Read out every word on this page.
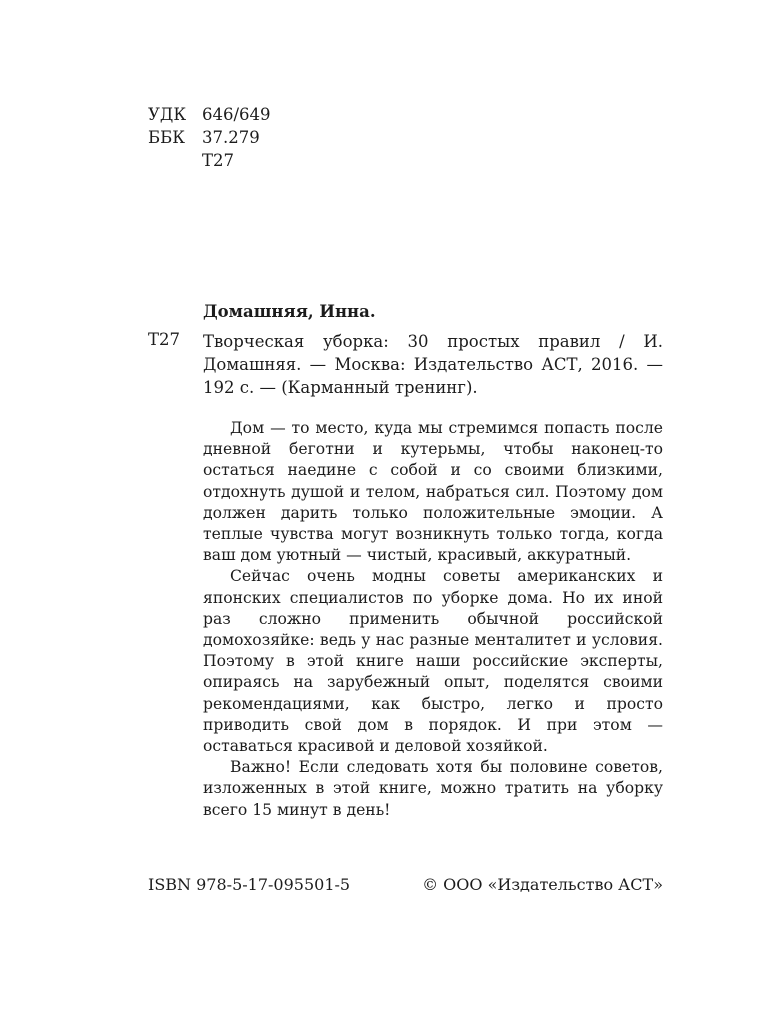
УДК 646/649
ББК	37.279
Т27
Домашняя, Инна.
Т27 Творческая уборка: 30 простых правил / И. Домашняя. — Москва: Издательство АСТ, 2016. — 192 с. — (Карманный тренинг).

Дом — то место, куда мы стремимся попасть после дневной беготни и кутерьмы, чтобы наконец-то остаться наедине с собой и со своими близкими, отдохнуть душой и телом, набраться сил. Поэтому дом должен дарить только положительные эмоции. А теплые чувства могут возникнуть только тогда, когда ваш дом уютный — чистый, красивый, аккуратный.

Сейчас очень модны советы американских и японских специалистов по уборке дома. Но их иной раз сложно применить обычной российской домохозяйке: ведь у нас разные менталитет и условия. Поэтому в этой книге наши российские эксперты, опираясь на зарубежный опыт, поделятся своими рекомендациями, как быстро, легко и просто приводить свой дом в порядок. И при этом — оставаться красивой и деловой хозяйкой.

Важно! Если следовать хотя бы половине советов, изложенных в этой книге, можно тратить на уборку всего 15 минут в день!

ISBN 978-5-17-095501-5	© ООО «Издательство АСТ»
